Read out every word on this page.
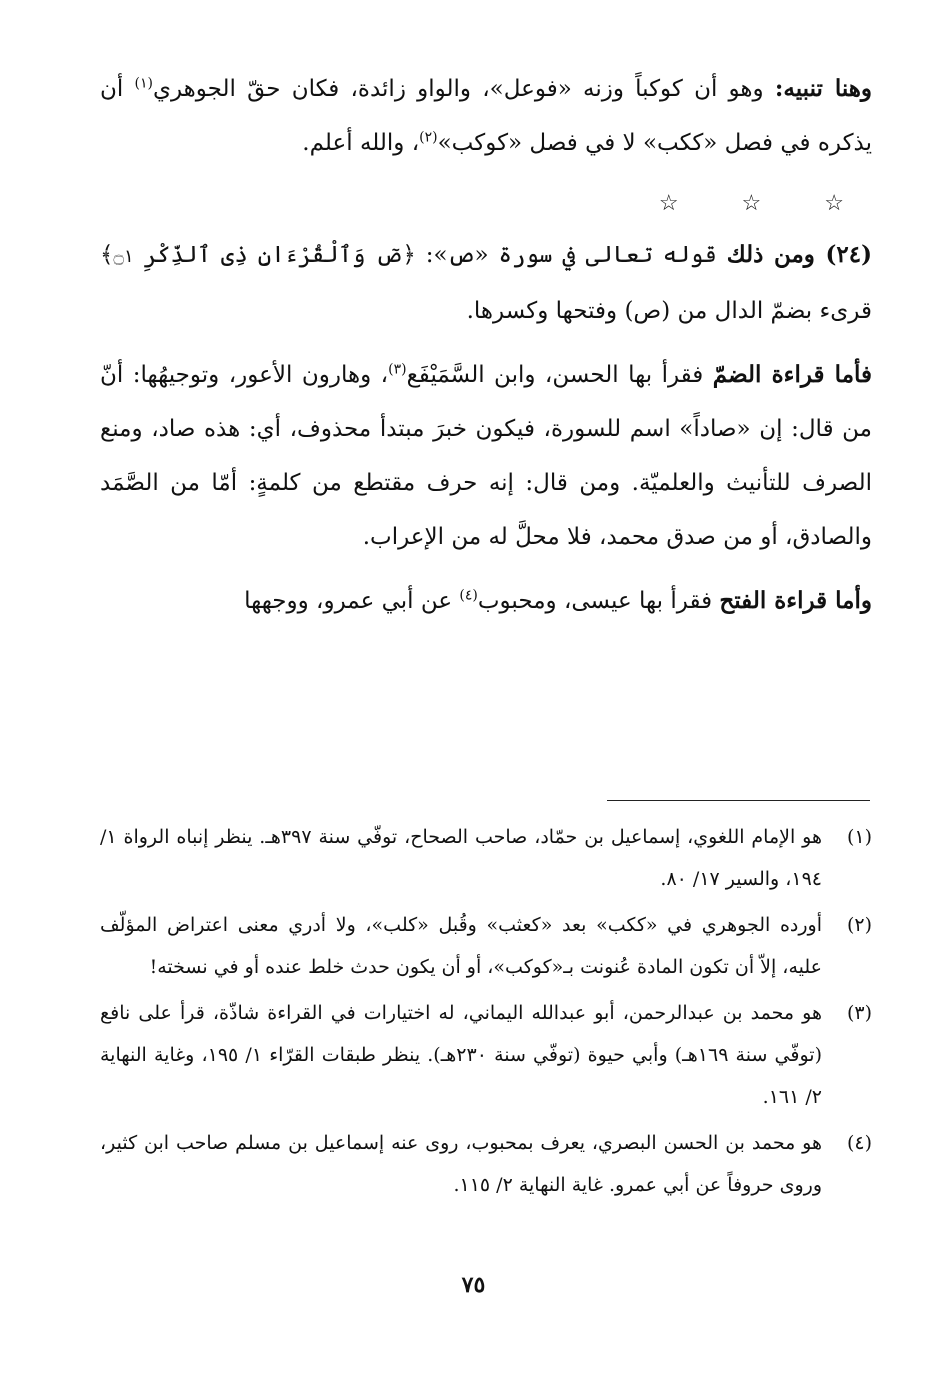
وهنا تنبيه: وهو أن كوكباً وزنه «فوعل»، والواو زائدة، فكان حقّ الجوهري$^{(١)}$ أن يذكره في فصل «ككب» لا في فصل «كوكب»$^{(٢)}$، والله أعلم.

☆ ☆ ☆

(٢٤) ومن ذلك قوله تعالى في سورة «ص»: ﴿صٓ وَٱلْقُرْءَانِ ذِى ٱلذِّكْرِ ۝١﴾ قرىء بضمّ الدال من (ص) وفتحها وكسرها.

فأما قراءة الضمّ فقرأ بها الحسن، وابن السَّمَيْفَع$^{(٣)}$، وهارون الأعور، وتوجيهُها: أنّ من قال: إن «صاداً» اسم للسورة، فيكون خبرَ مبتدأ محذوف، أي: هذه صاد، ومنع الصرف للتأنيث والعلميّة. ومن قال: إنه حرف مقتطع من كلمةٍ: أمّا من الصَّمَد والصادق، أو من صدق محمد، فلا محلَّ له من الإعراب.

وأما قراءة الفتح فقرأ بها عيسى، ومحبوب$^{(٤)}$ عن أبي عمرو، ووجهها

(١)
هو الإمام اللغوي، إسماعيل بن حمّاد، صاحب الصحاح، توفّي سنة ٣٩٧هـ. ينظر إنباه الرواة ١/ ١٩٤، والسير ١٧/ ٨٠.
(٢)
أورده الجوهري في «ككب» بعد «كعثب» وقُبل «كلب»، ولا أدري معنى اعتراض المؤلّف عليه، إلاّ أن تكون المادة عُنونت بـ«كوكب»، أو أن يكون حدث خلط عنده أو في نسخته!
(٣)
هو محمد بن عبدالرحمن، أبو عبدالله اليماني، له اختيارات في القراءة شاذّة، قرأ على نافع (توفّي سنة ١٦٩هـ) وأبي حيوة (توفّي سنة ٢٣٠هـ). ينظر طبقات القرّاء ١/ ١٩٥، وغاية النهاية ٢/ ١٦١.
(٤)
هو محمد بن الحسن البصري، يعرف بمحبوب، روى عنه إسماعيل بن مسلم صاحب ابن كثير، وروى حروفاً عن أبي عمرو. غاية النهاية ٢/ ١١٥.
٧٥
